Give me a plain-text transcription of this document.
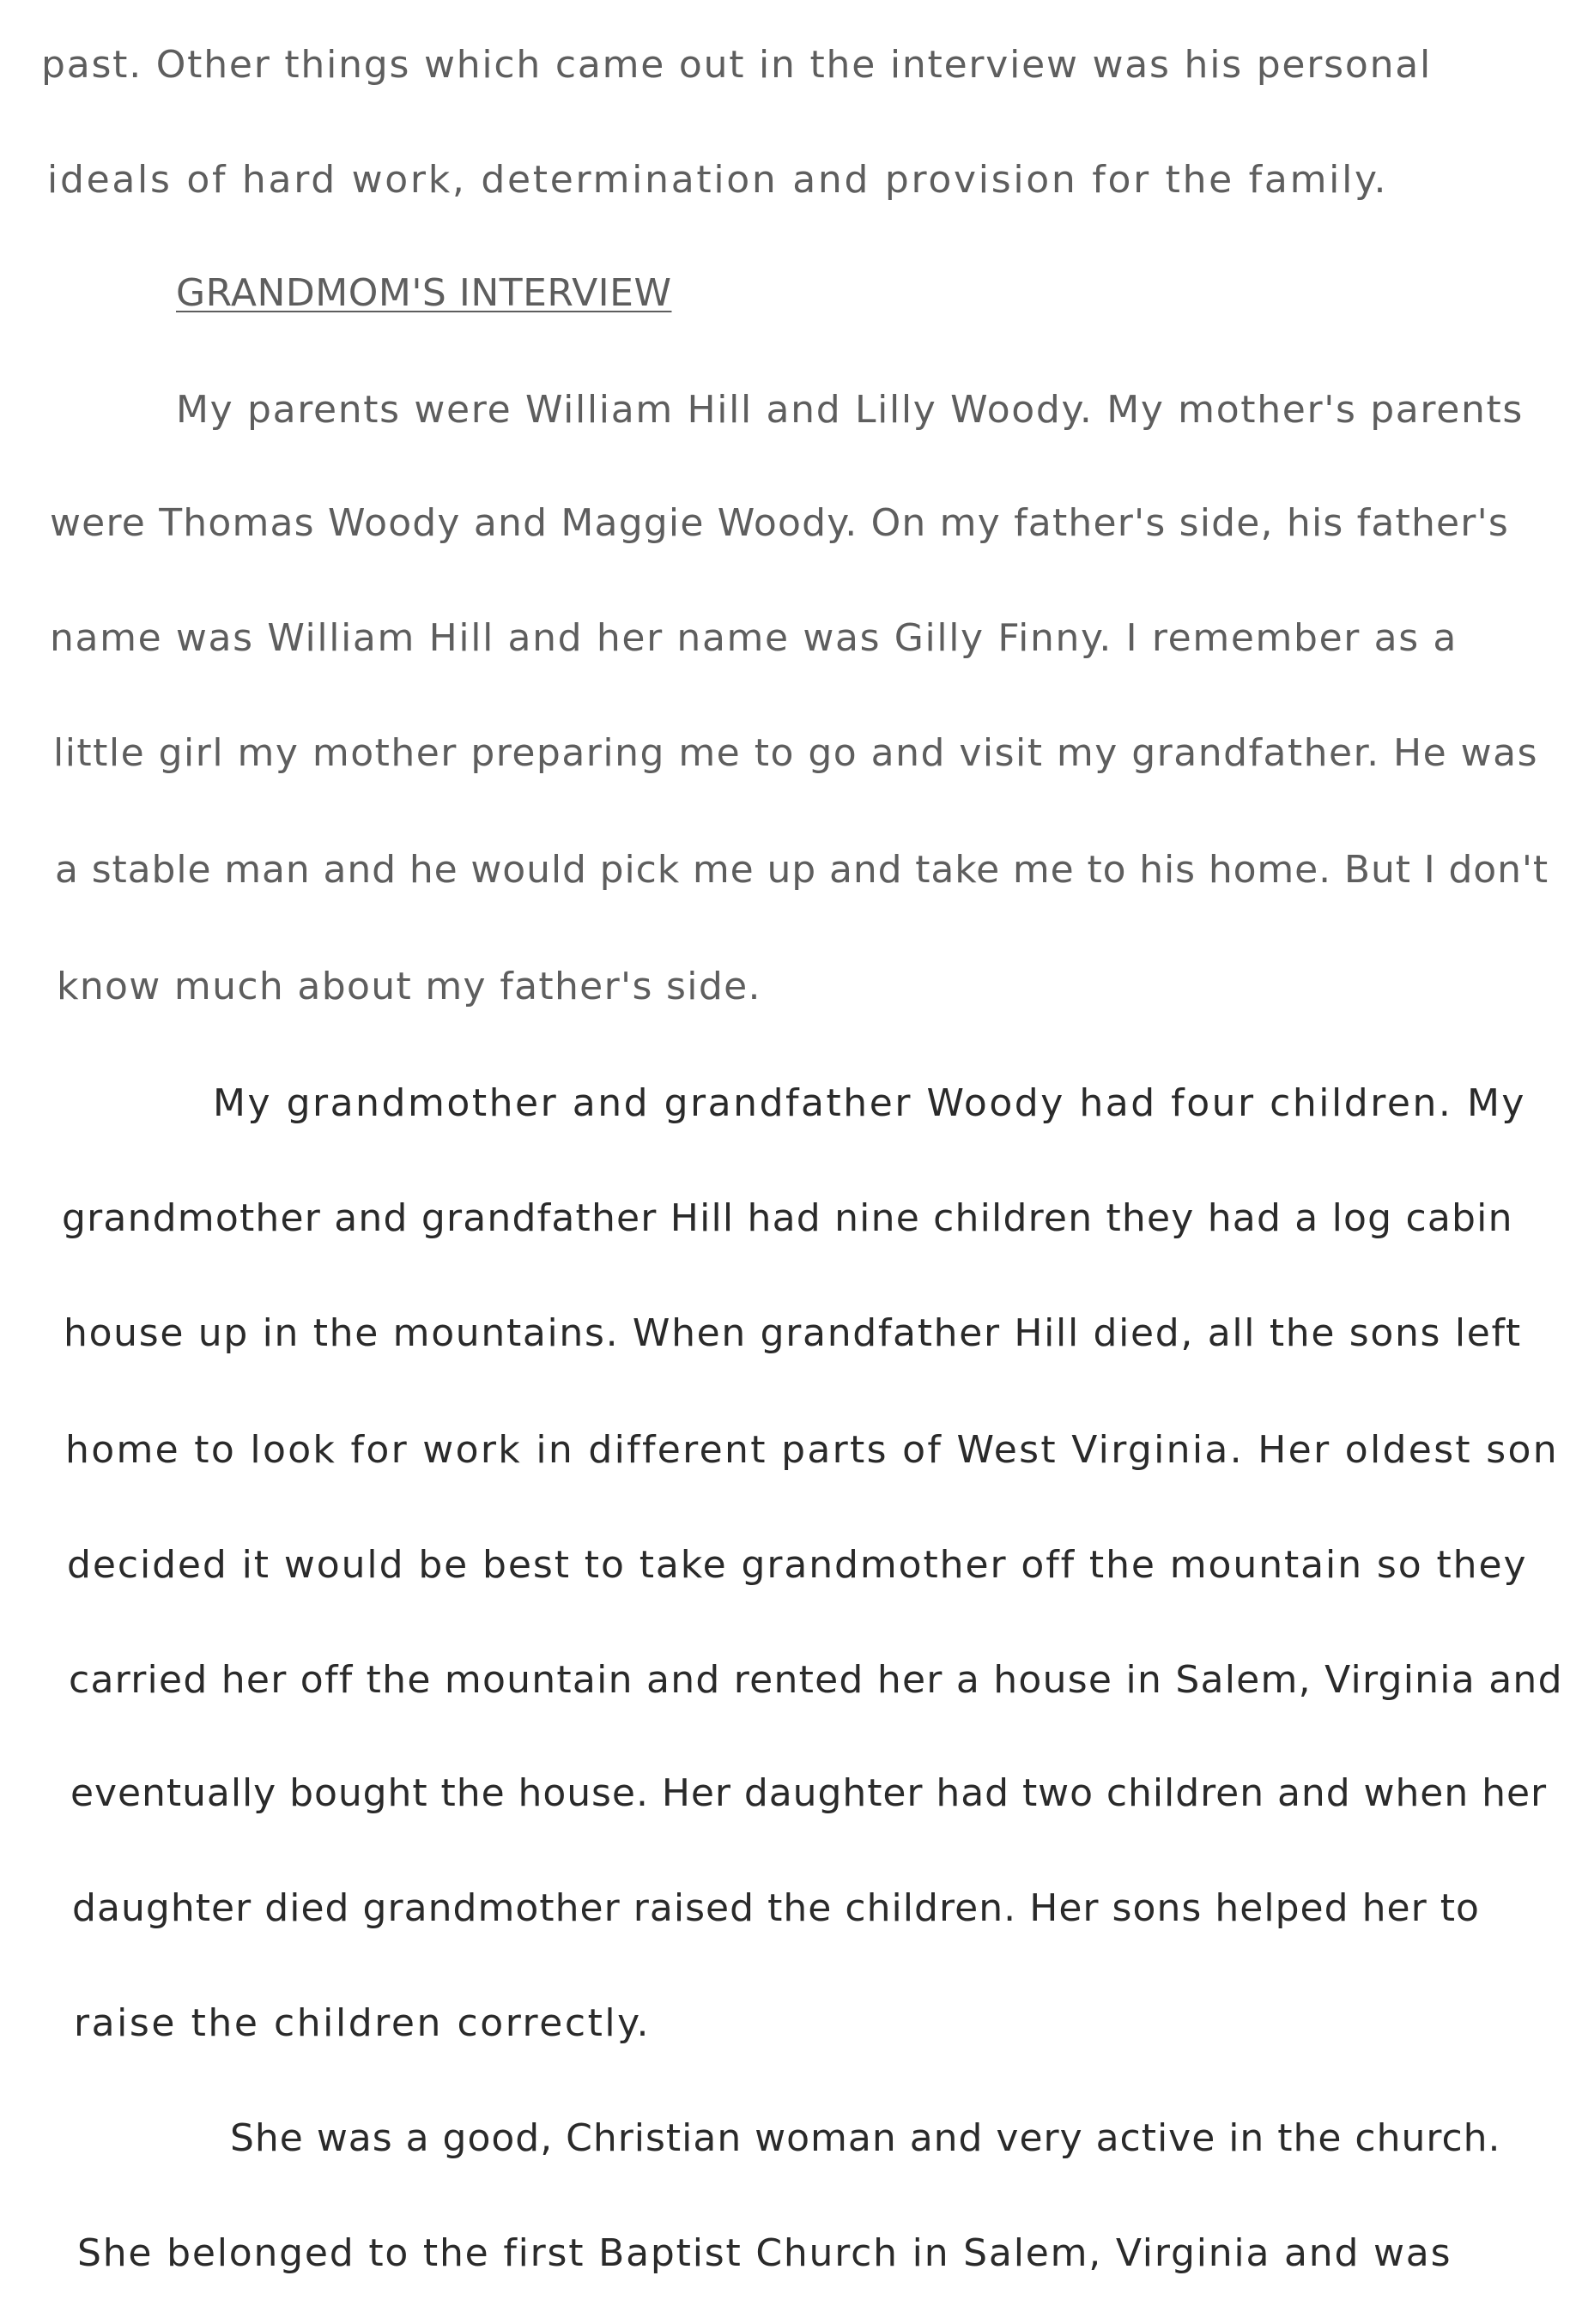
past. Other things which came out in the interview was his personal
ideals of hard work, determination and provision for the family.
GRANDMOM'S INTERVIEW
My parents were William Hill and Lilly Woody. My mother's parents
were Thomas Woody and Maggie Woody. On my father's side, his father's
name was William Hill and her name was Gilly Finny. I remember as a
little girl my mother preparing me to go and visit my grandfather. He was
a stable man and he would pick me up and take me to his home. But I don't
know much about my father's side.
My grandmother and grandfather Woody had four children. My
grandmother and grandfather Hill had nine children they had a log cabin
house up in the mountains. When grandfather Hill died, all the sons left
home to look for work in different parts of West Virginia. Her oldest son
decided it would be best to take grandmother off the mountain so they
carried her off the mountain and rented her a house in Salem, Virginia and
eventually bought the house. Her daughter had two children and when her
daughter died grandmother raised the children. Her sons helped her to
raise the children correctly.
She was a good, Christian woman and very active in the church.
She belonged to the first Baptist Church in Salem, Virginia and was
